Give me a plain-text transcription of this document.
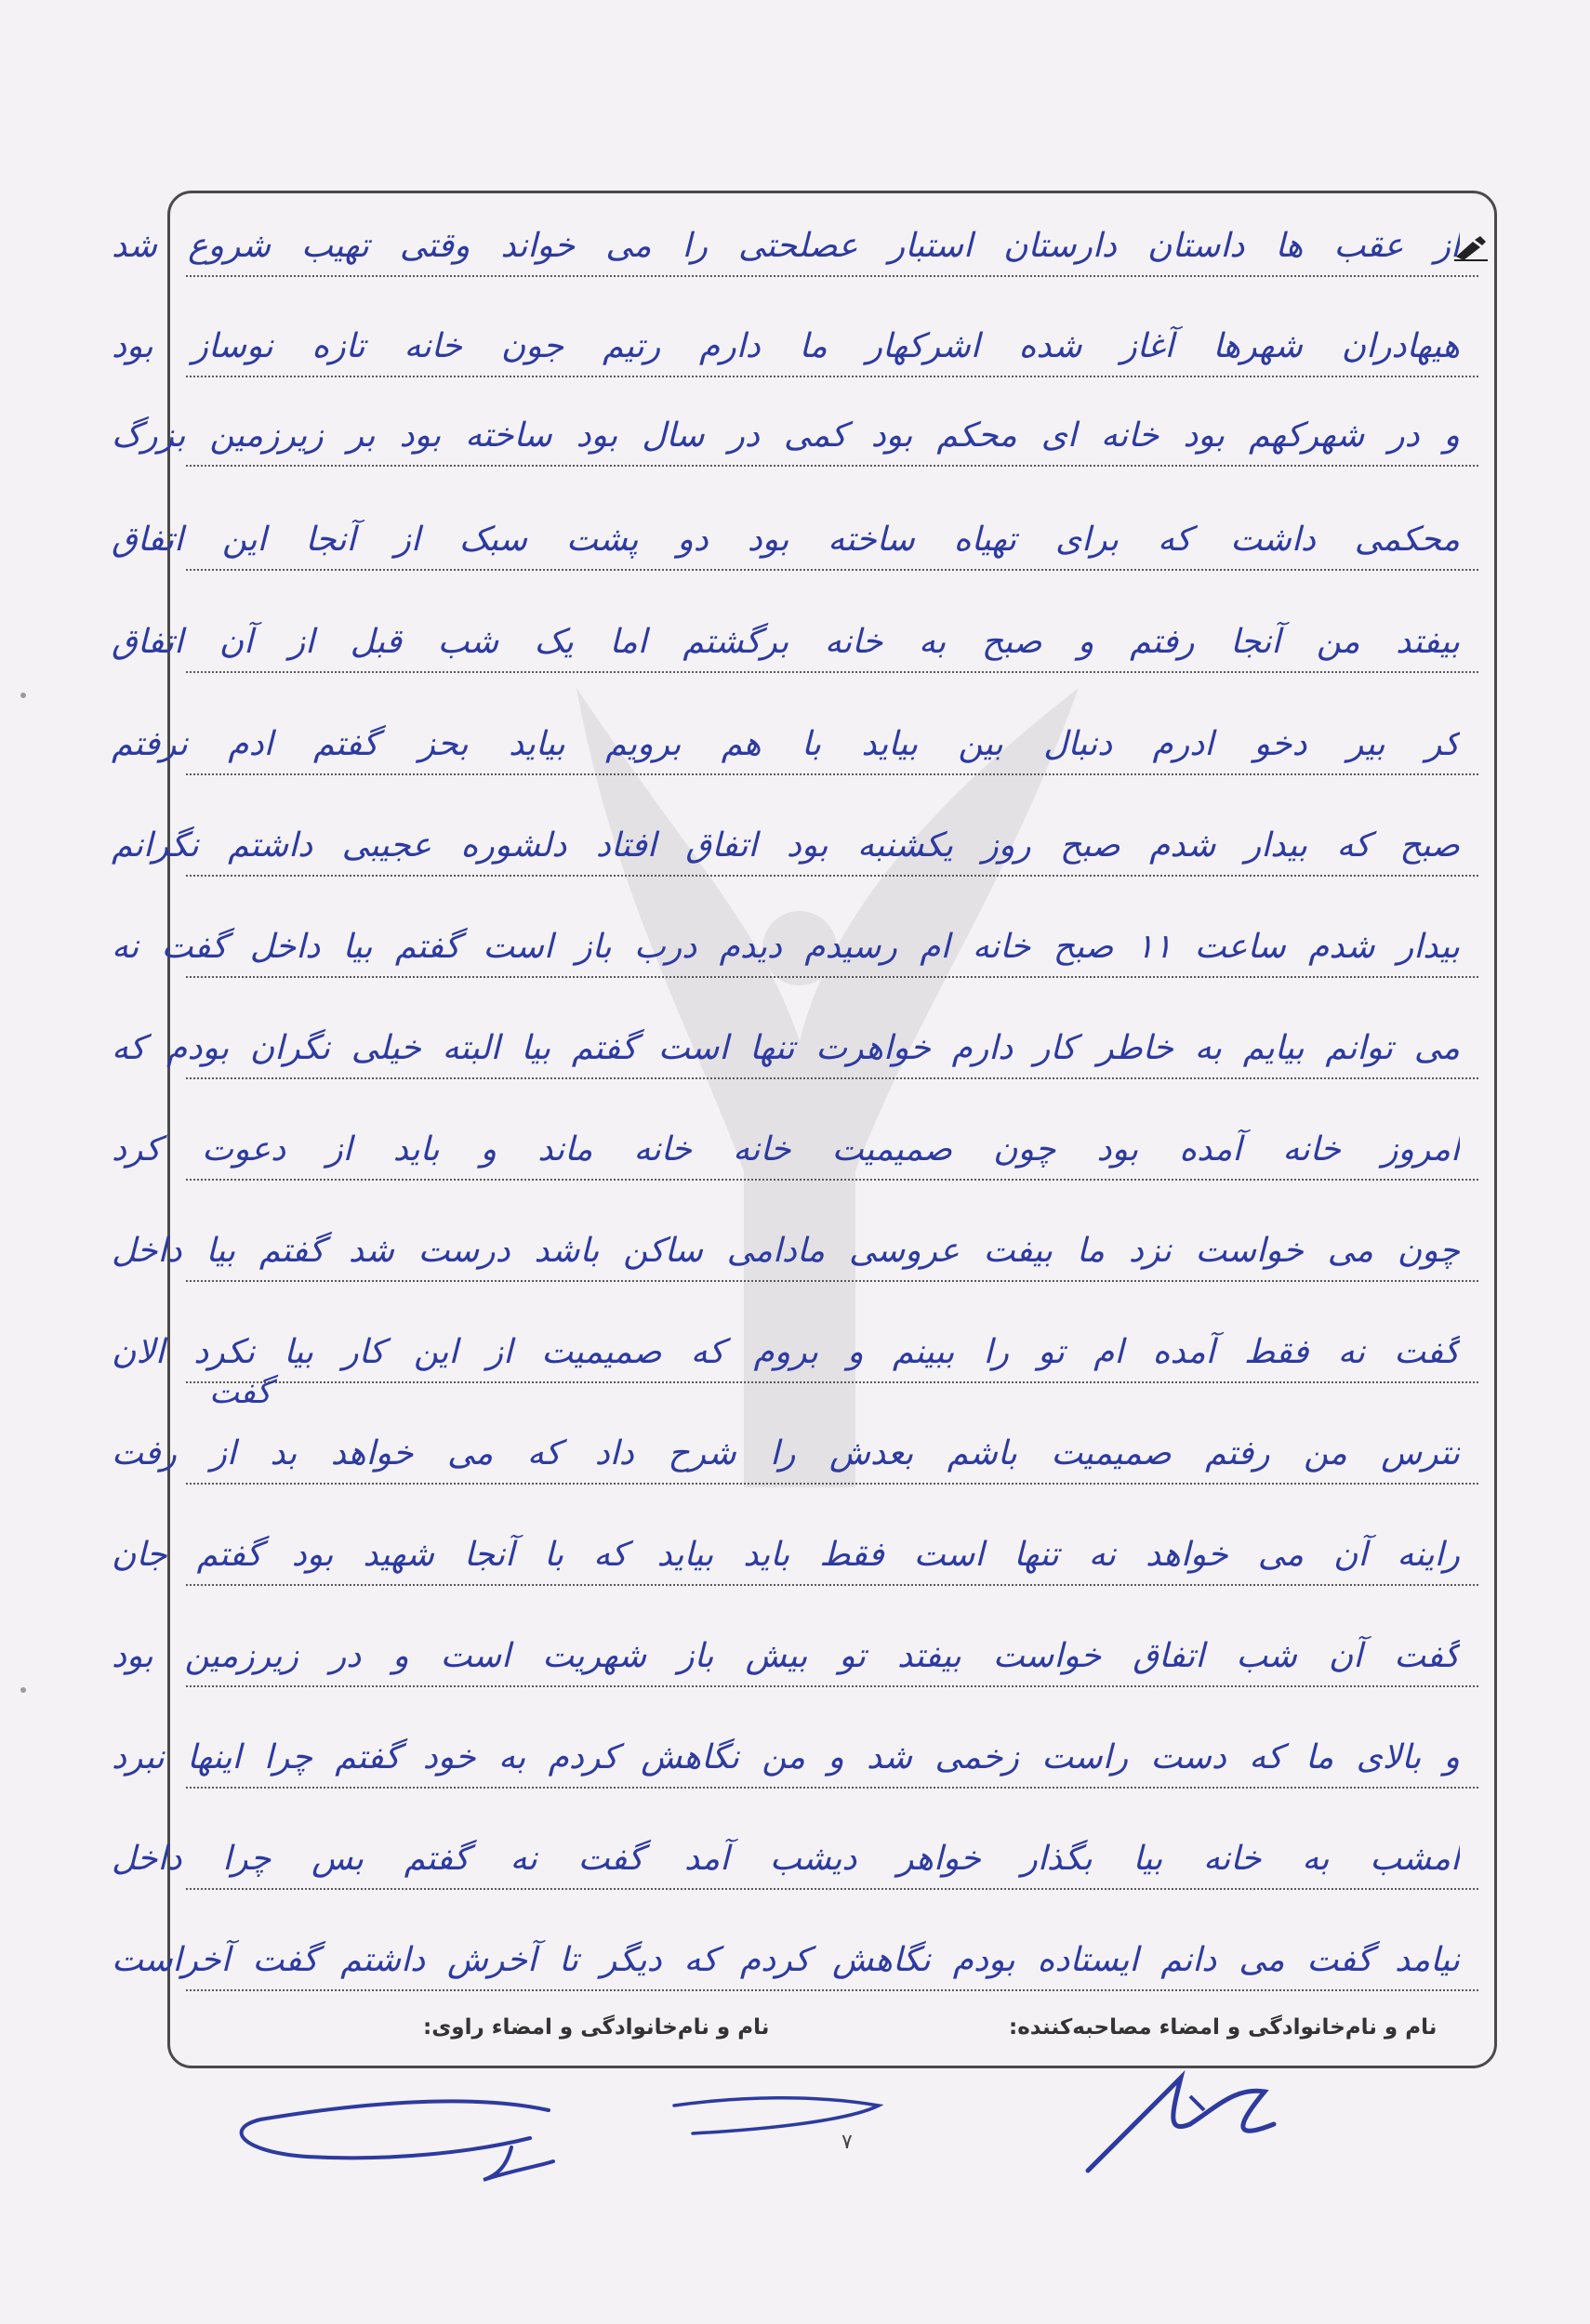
از عقب ها داستان دارستان استبار عصلحتی را می خواند وقتی تهیب شروع شد
هیهادران شهرها آغاز شده اشرکهار ما دارم رتیم جون خانه تازه نوساز بود
و در شهرکهم بود خانه ای محکم بود کمی در سال بود ساخته بود بر زیرزمین بزرگ
محکمی داشت که برای تهیاه ساخته بود دو پشت سبک از آنجا این اتفاق
بیفتد من آنجا رفتم و صبح به خانه برگشتم اما یک شب قبل از آن اتفاق
کر بیر دخو ادرم دنبال بین بیاید با هم برویم بیاید بحز گفتم ادم نرفتم
صبح که بیدار شدم صبح روز یکشنبه بود اتفاق افتاد دلشوره عجیبی داشتم نگرانم
بیدار شدم ساعت ۱۱ صبح خانه ام رسیدم دیدم درب باز است گفتم بیا داخل گفت نه
می توانم بیایم به خاطر کار دارم خواهرت تنها است گفتم بیا البته خیلی نگران بودم که
امروز خانه آمده بود چون صمیمیت خانه خانه ماند و باید از دعوت کرد
چون می خواست نزد ما بیفت عروسی مادامی ساکن باشد درست شد گفتم بیا داخل
گفت نه فقط آمده ام تو را ببینم و بروم که صمیمیت از این کار بیا نکرد الان
نترس من رفتم صمیمیت باشم بعدش را شرح داد که می خواهد بد از رفت
راینه آن می خواهد نه تنها است فقط باید بیاید که با آنجا شهید بود گفتم جان
گفت آن شب اتفاق خواست بیفتد تو بیش باز شهریت است و در زیرزمین بود
و بالای ما که دست راست زخمی شد و من نگاهش کردم به خود گفتم چرا اینها نبرد
امشب به خانه بیا بگذار خواهر دیشب آمد گفت نه گفتم بس چرا داخل
نیامد گفت می دانم ایستاده بودم نگاهش کردم که دیگر تا آخرش داشتم گفت آخراست
گفت
نام و نام‌خانوادگی و امضاء مصاحبه‌کننده:
نام و نام‌خانوادگی و امضاء راوی:
۷
